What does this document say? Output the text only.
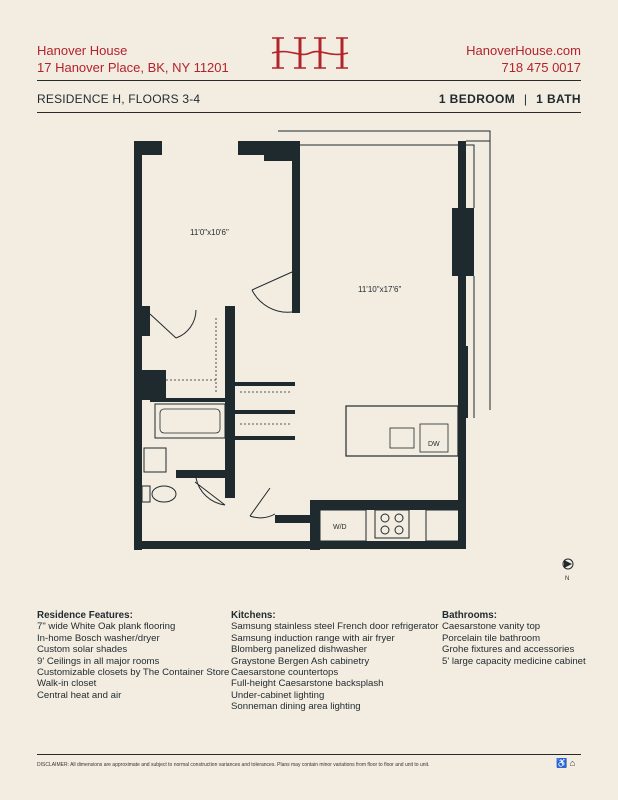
Hanover House
17 Hanover Place, BK, NY 11201
HanoverHouse.com
718 475 0017
RESIDENCE H, FLOORS 3-4	1 BEDROOM | 1 BATH
DW
W/D
11'0"x10'6"
11'10"x17'6"
N
Residence Features:
7" wide White Oak plank flooring
In-home Bosch washer/dryer
Custom solar shades
9' Ceilings in all major rooms
Customizable closets by The Container Store
Walk-in closet
Central heat and air
Kitchens:
Samsung stainless steel French door refrigerator
Samsung induction range with air fryer
Blomberg panelized dishwasher
Graystone Bergen Ash cabinetry
Caesarstone countertops
Full-height Caesarstone backsplash
Under-cabinet lighting
Sonneman dining area lighting
Bathrooms:
Caesarstone vanity top
Porcelain tile bathroom
Grohe fixtures and accessories
5' large capacity medicine cabinet
DISCLAIMER: All dimensions are approximate and subject to normal construction variances and tolerances. Plans may contain minor variations from floor to floor and unit to unit.	♿ ⌂
